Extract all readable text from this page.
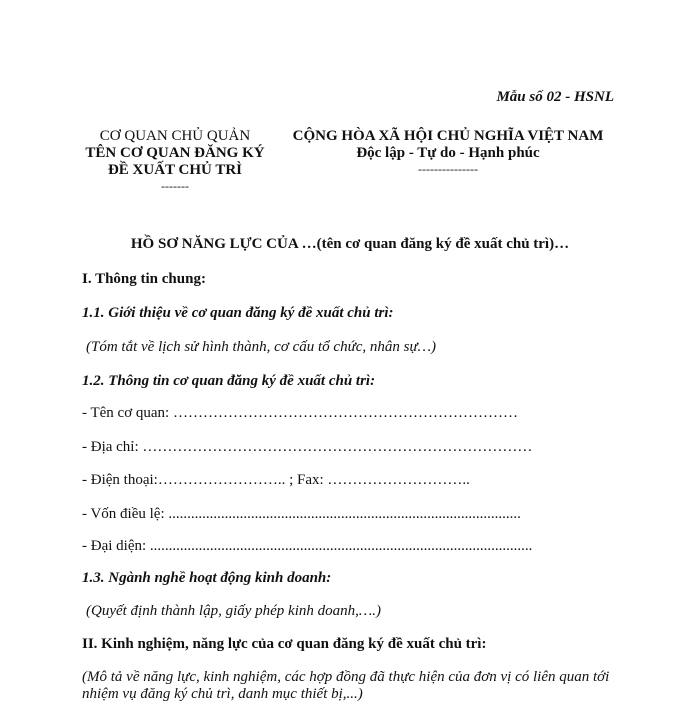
Mẫu số 02 - HSNL
CƠ QUAN CHỦ QUẢN
TÊN CƠ QUAN ĐĂNG KÝ
ĐỀ XUẤT CHỦ TRÌ
-------
CỘNG HÒA XÃ HỘI CHỦ NGHĨA VIỆT NAM
Độc lập - Tự do - Hạnh phúc
---------------
HỒ SƠ NĂNG LỰC CỦA …(tên cơ quan đăng ký đề xuất chủ trì)…
I. Thông tin chung:
1.1. Giới thiệu về cơ quan đăng ký đề xuất chủ trì:
(Tóm tắt về lịch sử hình thành, cơ cấu tổ chức, nhân sự…)
1.2. Thông tin cơ quan đăng ký đề xuất chủ trì:
- Tên cơ quan: ……………………………………………………………
- Địa chỉ: ……………………………………………………………………
- Điện thoại:…………………….. ; Fax: ………………………..
- Vốn điều lệ: ..............................................................................................
- Đại diện: ......................................................................................................
1.3. Ngành nghề hoạt động kinh doanh:
(Quyết định thành lập, giấy phép kinh doanh,….)
II. Kinh nghiệm, năng lực của cơ quan đăng ký đề xuất chủ trì:
(Mô tả về năng lực, kinh nghiệm, các hợp đồng đã thực hiện của đơn vị có liên quan tới
nhiệm vụ đăng ký chủ trì, danh mục thiết bị,...)
